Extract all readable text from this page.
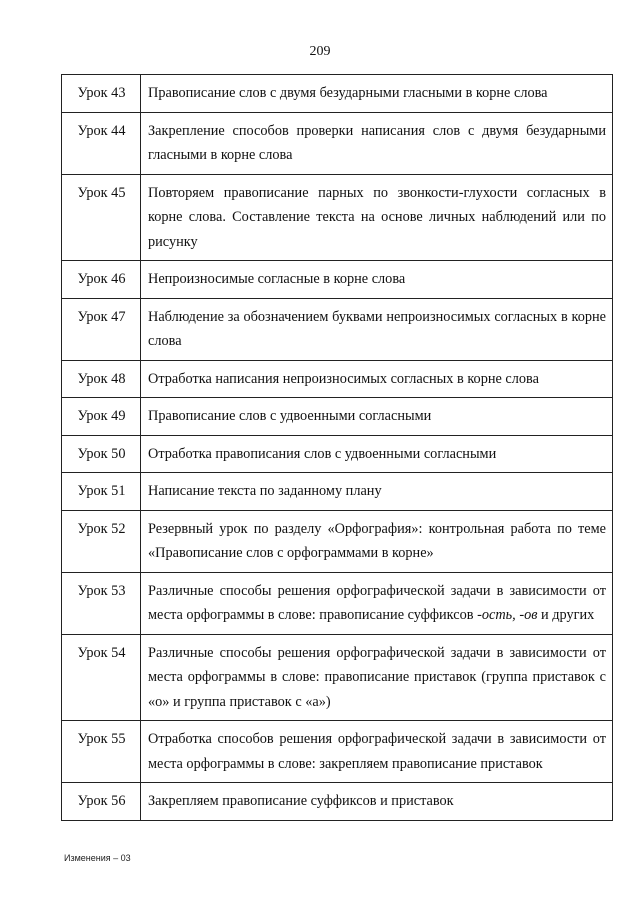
209
Урок 43	Правописание слов с двумя безударными гласными в корне слова
Урок 44	Закрепление способов проверки написания слов с двумя безударными гласными в корне слова
Урок 45	Повторяем правописание парных по звонкости-глухости согласных в корне слова. Составление текста на основе личных наблюдений или по рисунку
Урок 46	Непроизносимые согласные в корне слова
Урок 47	Наблюдение за обозначением буквами непроизносимых согласных в корне слова
Урок 48	Отработка написания непроизносимых согласных в корне слова
Урок 49	Правописание слов с удвоенными согласными
Урок 50	Отработка правописания слов с удвоенными согласными
Урок 51	Написание текста по заданному плану
Урок 52	Резервный урок по разделу «Орфография»: контрольная работа по теме «Правописание слов с орфограммами в корне»
Урок 53	Различные способы решения орфографической задачи в зависимости от места орфограммы в слове: правописание суффиксов -ость, -ов и других
Урок 54	Различные способы решения орфографической задачи в зависимости от места орфограммы в слове: правописание приставок (группа приставок с «о» и группа приставок с «а»)
Урок 55	Отработка способов решения орфографической задачи в зависимости от места орфограммы в слове: закрепляем правописание приставок
Урок 56	Закрепляем правописание суффиксов и приставок
Изменения – 03
